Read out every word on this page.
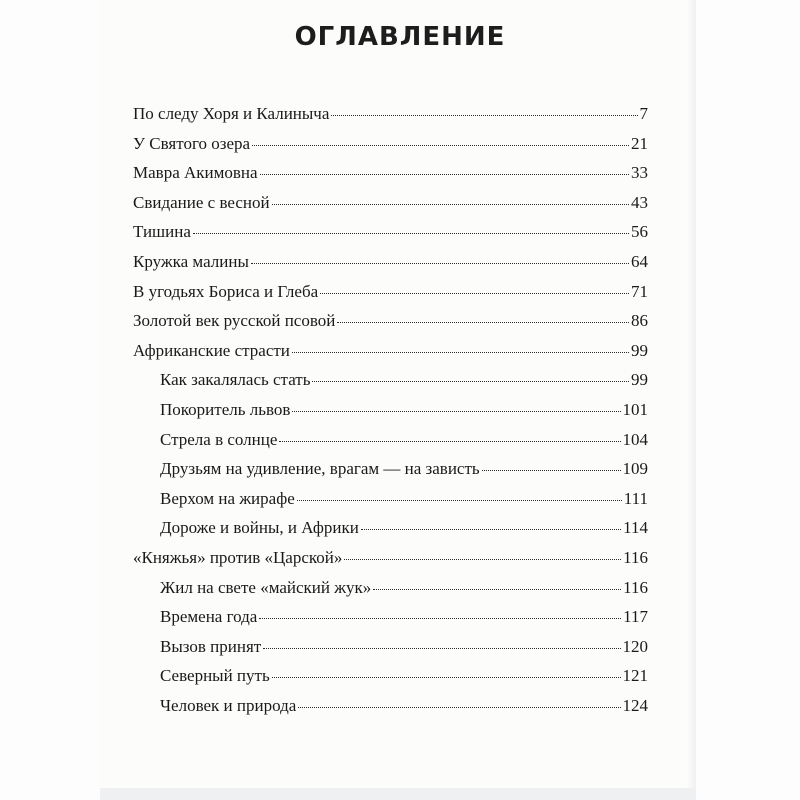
ОГЛАВЛЕНИЕ
По следу Хоря и Калиныча	7
У Святого озера	21
Мавра Акимовна	33
Свидание с весной	43
Тишина	56
Кружка малины	64
В угодьях Бориса и Глеба	71
Золотой век русской псовой	86
Африканские страсти	99
Как закалялась стать	99
Покоритель львов	101
Стрела в солнце	104
Друзьям на удивление, врагам — на зависть	109
Верхом на жирафе	111
Дороже и войны, и Африки	114
«Княжья» против «Царской»	116
Жил на свете «майский жук»	116
Времена года	117
Вызов принят	120
Северный путь	121
Человек и природа	124
